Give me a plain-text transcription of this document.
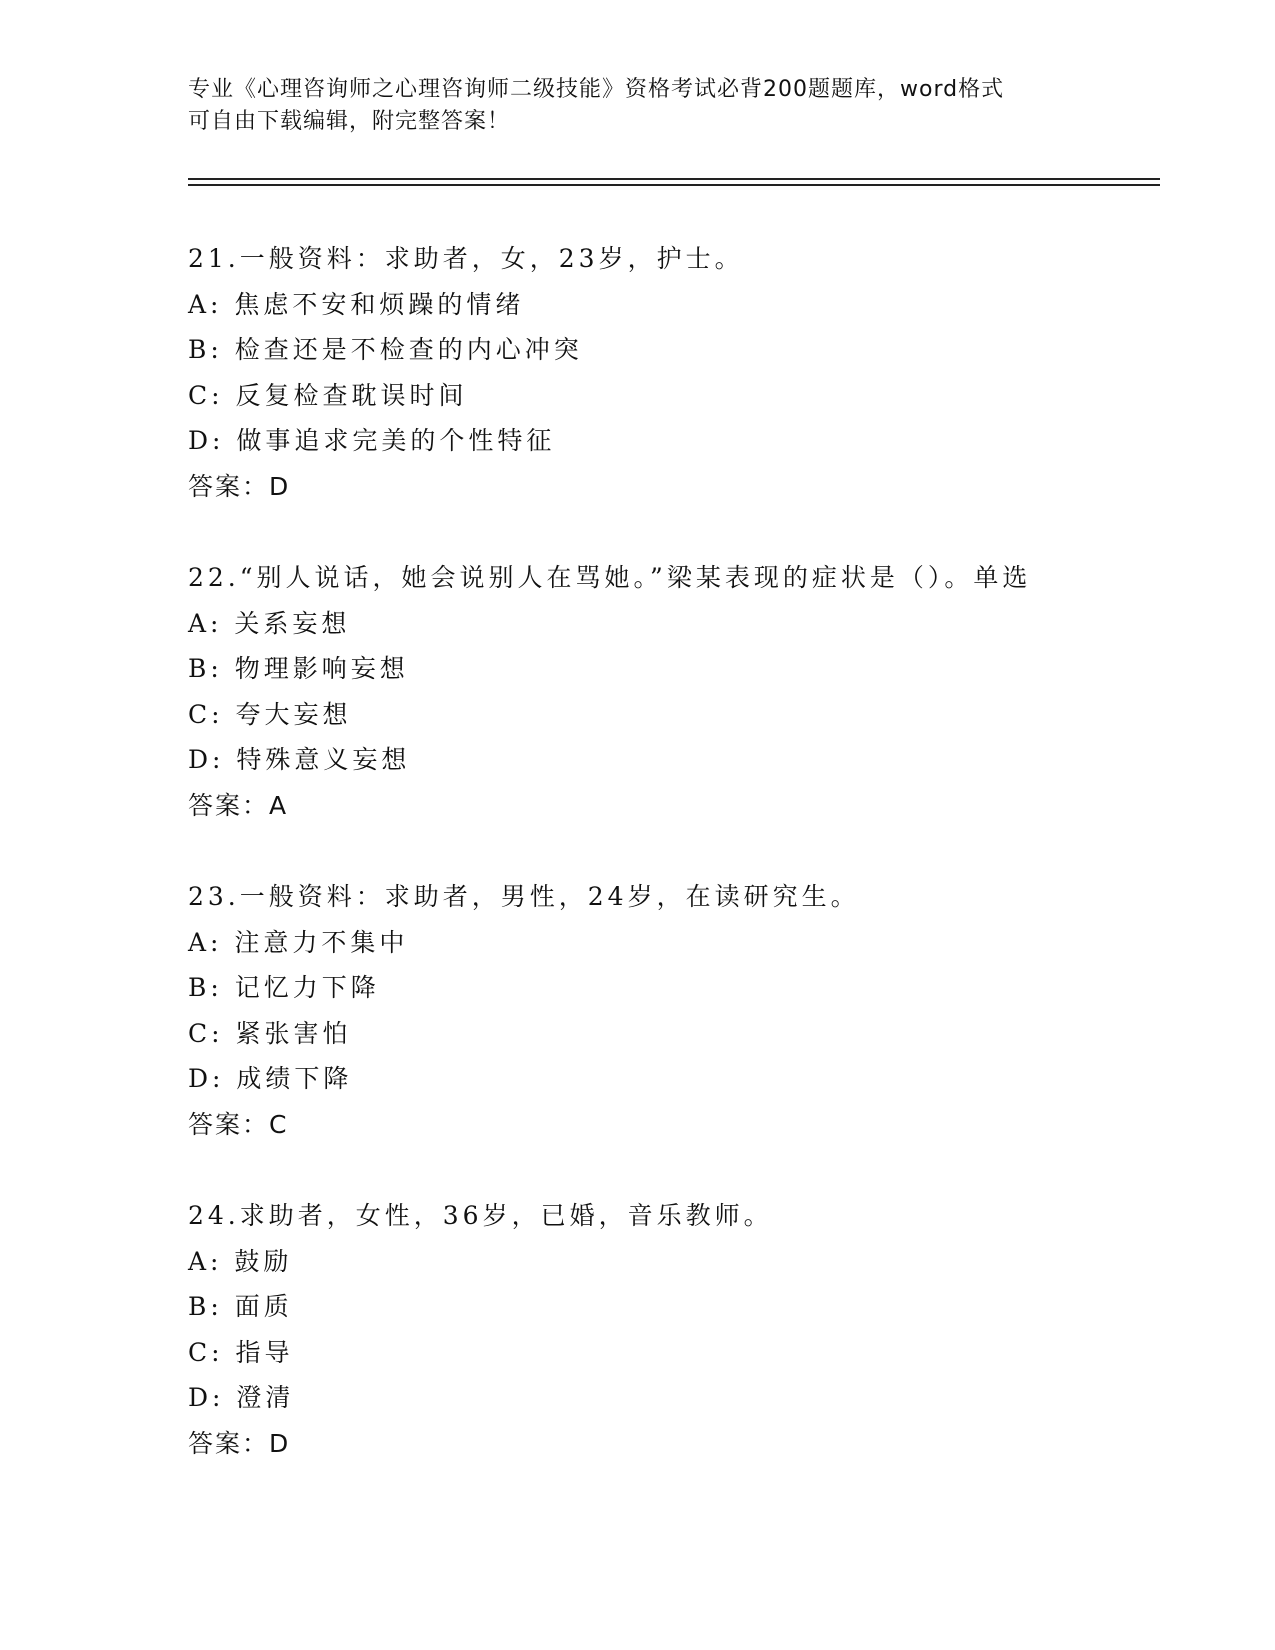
专业《心理咨询师之心理咨询师二级技能》资格考试必背200题题库，word格式
可自由下载编辑，附完整答案！
21.一般资料：求助者，女，23岁，护士。
A: 焦虑不安和烦躁的情绪
B: 检查还是不检查的内心冲突
C: 反复检查耽误时间
D: 做事追求完美的个性特征
答案：D
22.“别人说话，她会说别人在骂她。”梁某表现的症状是（）。单选
A: 关系妄想
B: 物理影响妄想
C: 夸大妄想
D: 特殊意义妄想
答案：A
23.一般资料：求助者，男性，24岁，在读研究生。
A: 注意力不集中
B: 记忆力下降
C: 紧张害怕
D: 成绩下降
答案：C
24.求助者，女性，36岁，已婚，音乐教师。
A: 鼓励
B: 面质
C: 指导
D: 澄清
答案：D
